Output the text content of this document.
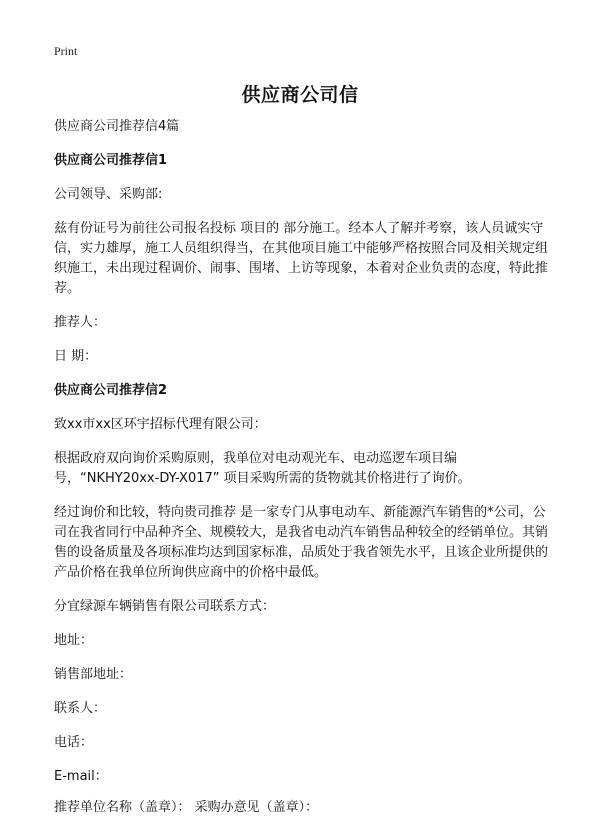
Print
供应商公司信

供应商公司推荐信4篇

供应商公司推荐信1

公司领导、采购部:

兹有份证号为前往公司报名投标 项目的 部分施工。经本人了解并考察，该人员诚实守信，实力雄厚，施工人员组织得当，在其他项目施工中能够严格按照合同及相关规定组织施工，未出现过程调价、闹事、围堵、上访等现象，本着对企业负责的态度，特此推荐。

推荐人：

日 期：

供应商公司推荐信2

致xx市xx区环宇招标代理有限公司：

根据政府双向询价采购原则，我单位对电动观光车、电动巡逻车项目编号，“NKHY20xx-DY-X017” 项目采购所需的货物就其价格进行了询价。

经过询价和比较，特向贵司推荐 是一家专门从事电动车、新能源汽车销售的*公司，公司在我省同行中品种齐全、规模较大，是我省电动汽车销售品种较全的经销单位。其销售的设备质量及各项标准均达到国家标准，品质处于我省领先水平，且该企业所提供的产品价格在我单位所询供应商中的价格中最低。

分宜绿源车辆销售有限公司联系方式：

地址：

销售部地址：

联系人：

电话：

E-mail：

推荐单位名称（盖章）： 采购办意见（盖章）：
